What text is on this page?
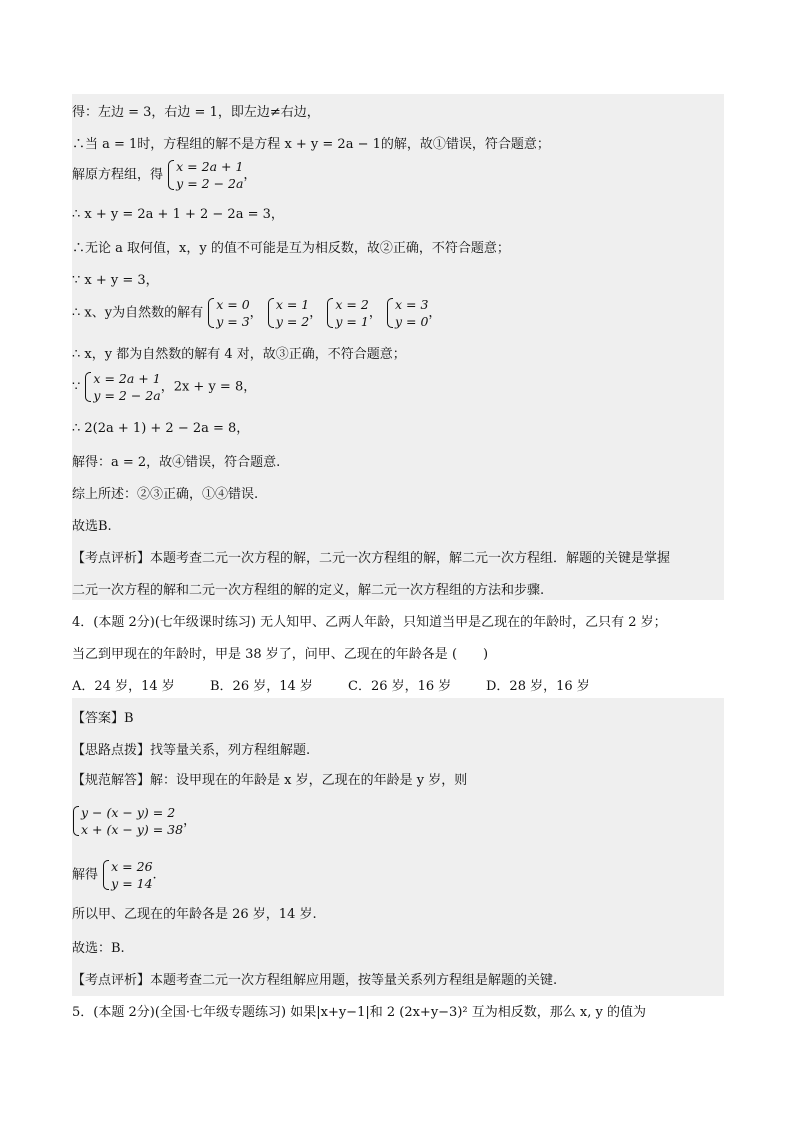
得：左边 = 3，右边 = 1，即左边≠右边，
∴当 a = 1时，方程组的解不是方程 x + y = 2a − 1的解，故①错误，符合题意；
解原方程组，得
x = 2a + 1
y = 2 − 2a
，
∴ x + y = 2a + 1 + 2 − 2a = 3，
∴无论 a 取何值，x，y 的值不可能是互为相反数，故②正确，不符合题意；
∵ x + y = 3，
∴ x、y为自然数的解有
x = 0
y = 3
，
x = 1
y = 2
，
x = 2
y = 1
，
x = 3
y = 0
，
∴ x，y 都为自然数的解有 4 对，故③正确，不符合题意；
∵
x = 2a + 1
y = 2 − 2a
，2x + y = 8，
∴ 2(2a + 1) + 2 − 2a = 8，
解得：a = 2，故④错误，符合题意.
综上所述：②③正确，①④错误.
故选B.
【考点评析】本题考查二元一次方程的解，二元一次方程组的解，解二元一次方程组．解题的关键是掌握
二元一次方程的解和二元一次方程组的解的定义，解二元一次方程组的方法和步骤.
4．(本题 2分)(七年级课时练习) 无人知甲、乙两人年龄，只知道当甲是乙现在的年龄时，乙只有 2 岁；
当乙到甲现在的年龄时，甲是 38 岁了，问甲、乙现在的年龄各是 (　　)
A．24 岁，14 岁	B．26 岁，14 岁	C．26 岁，16 岁	D．28 岁，16 岁
【答案】B
【思路点拨】找等量关系，列方程组解题.
【规范解答】解：设甲现在的年龄是 x 岁，乙现在的年龄是 y 岁，则
y − (x − y) = 2
x + (x − y) = 38
，
解得
x = 26
y = 14
.
所以甲、乙现在的年龄各是 26 岁，14 岁.
故选：B.
【考点评析】本题考查二元一次方程组解应用题，按等量关系列方程组是解题的关键.
5．(本题 2分)(全国·七年级专题练习) 如果|x+y−1|和 2 (2x+y−3)² 互为相反数，那么 x, y 的值为
